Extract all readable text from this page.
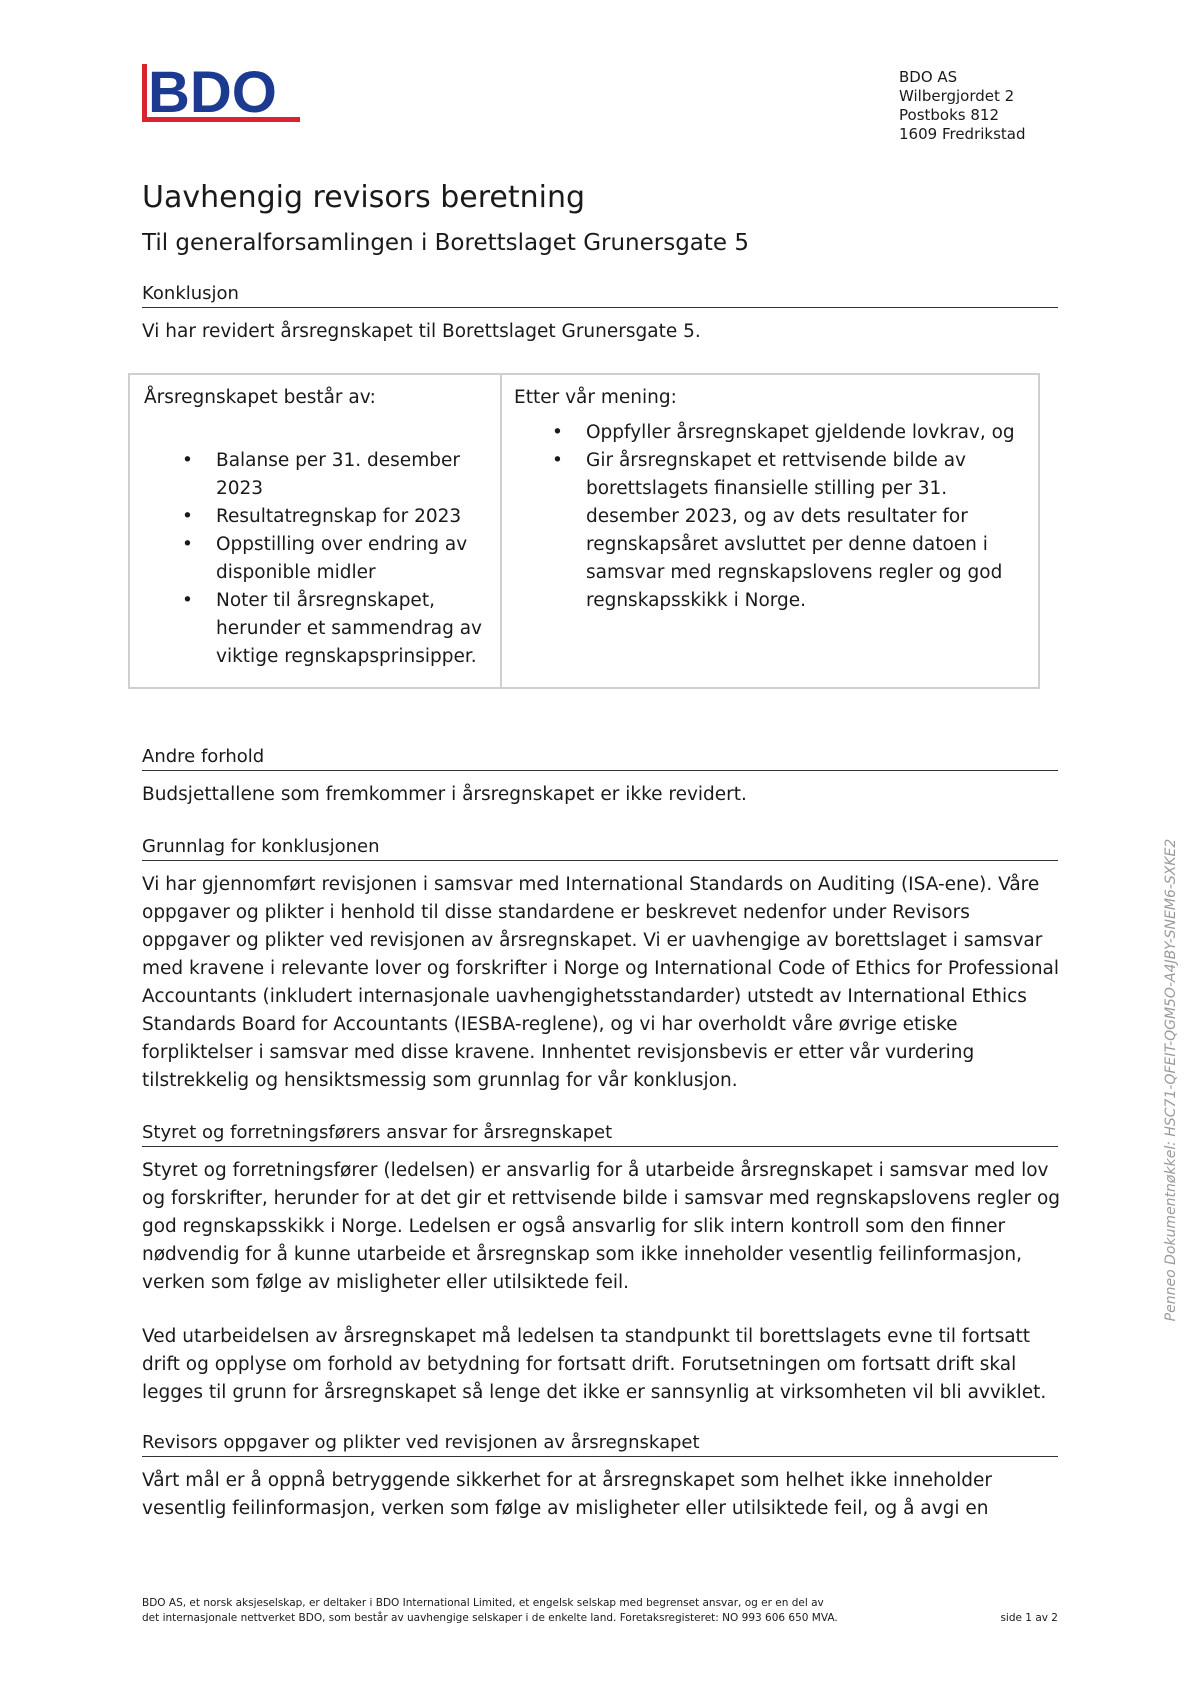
BDO	BDO AS
Wilbergjordet 2
Postboks 812
1609 Fredrikstad
Uavhengig revisors beretning
Til generalforsamlingen i Borettslaget Grunersgate 5
Konklusjon

Vi har revidert årsregnskapet til Borettslaget Grunersgate 5.

Årsregnskapet består av:
• Balanse per 31. desember 2023
• Resultatregnskap for 2023
• Oppstilling over endring av disponible midler
• Noter til årsregnskapet, herunder et sammendrag av viktige regnskapsprinsipper.
Etter vår mening:
• Oppfyller årsregnskapet gjeldende lovkrav, og
• Gir årsregnskapet et rettvisende bilde av borettslagets finansielle stilling per 31. desember 2023, og av dets resultater for regnskapsåret avsluttet per denne datoen i samsvar med regnskapslovens regler og god regnskapsskikk i Norge.
Andre forhold

Budsjettallene som fremkommer i årsregnskapet er ikke revidert.

Grunnlag for konklusjonen

Vi har gjennomført revisjonen i samsvar med International Standards on Auditing (ISA-ene). Våre oppgaver og plikter i henhold til disse standardene er beskrevet nedenfor under Revisors oppgaver og plikter ved revisjonen av årsregnskapet. Vi er uavhengige av borettslaget i samsvar med kravene i relevante lover og forskrifter i Norge og International Code of Ethics for Professional Accountants (inkludert internasjonale uavhengighetsstandarder) utstedt av International Ethics Standards Board for Accountants (IESBA-reglene), og vi har overholdt våre øvrige etiske forpliktelser i samsvar med disse kravene. Innhentet revisjonsbevis er etter vår vurdering tilstrekkelig og hensiktsmessig som grunnlag for vår konklusjon.

Styret og forretningsførers ansvar for årsregnskapet

Styret og forretningsfører (ledelsen) er ansvarlig for å utarbeide årsregnskapet i samsvar med lov og forskrifter, herunder for at det gir et rettvisende bilde i samsvar med regnskapslovens regler og god regnskapsskikk i Norge. Ledelsen er også ansvarlig for slik intern kontroll som den finner nødvendig for å kunne utarbeide et årsregnskap som ikke inneholder vesentlig feilinformasjon, verken som følge av misligheter eller utilsiktede feil.

Ved utarbeidelsen av årsregnskapet må ledelsen ta standpunkt til borettslagets evne til fortsatt drift og opplyse om forhold av betydning for fortsatt drift. Forutsetningen om fortsatt drift skal legges til grunn for årsregnskapet så lenge det ikke er sannsynlig at virksomheten vil bli avviklet.

Revisors oppgaver og plikter ved revisjonen av årsregnskapet

Vårt mål er å oppnå betryggende sikkerhet for at årsregnskapet som helhet ikke inneholder vesentlig feilinformasjon, verken som følge av misligheter eller utilsiktede feil, og å avgi en

Penneo Dokumentnøkkel: HSC71-QFEIT-QGM5O-A4JBY-SNEM6-SXKE2
BDO AS, et norsk aksjeselskap, er deltaker i BDO International Limited, et engelsk selskap med begrenset ansvar, og er en del av
det internasjonale nettverket BDO, som består av uavhengige selskaper i de enkelte land. Foretaksregisteret: NO 993 606 650 MVA.	side 1 av 2
